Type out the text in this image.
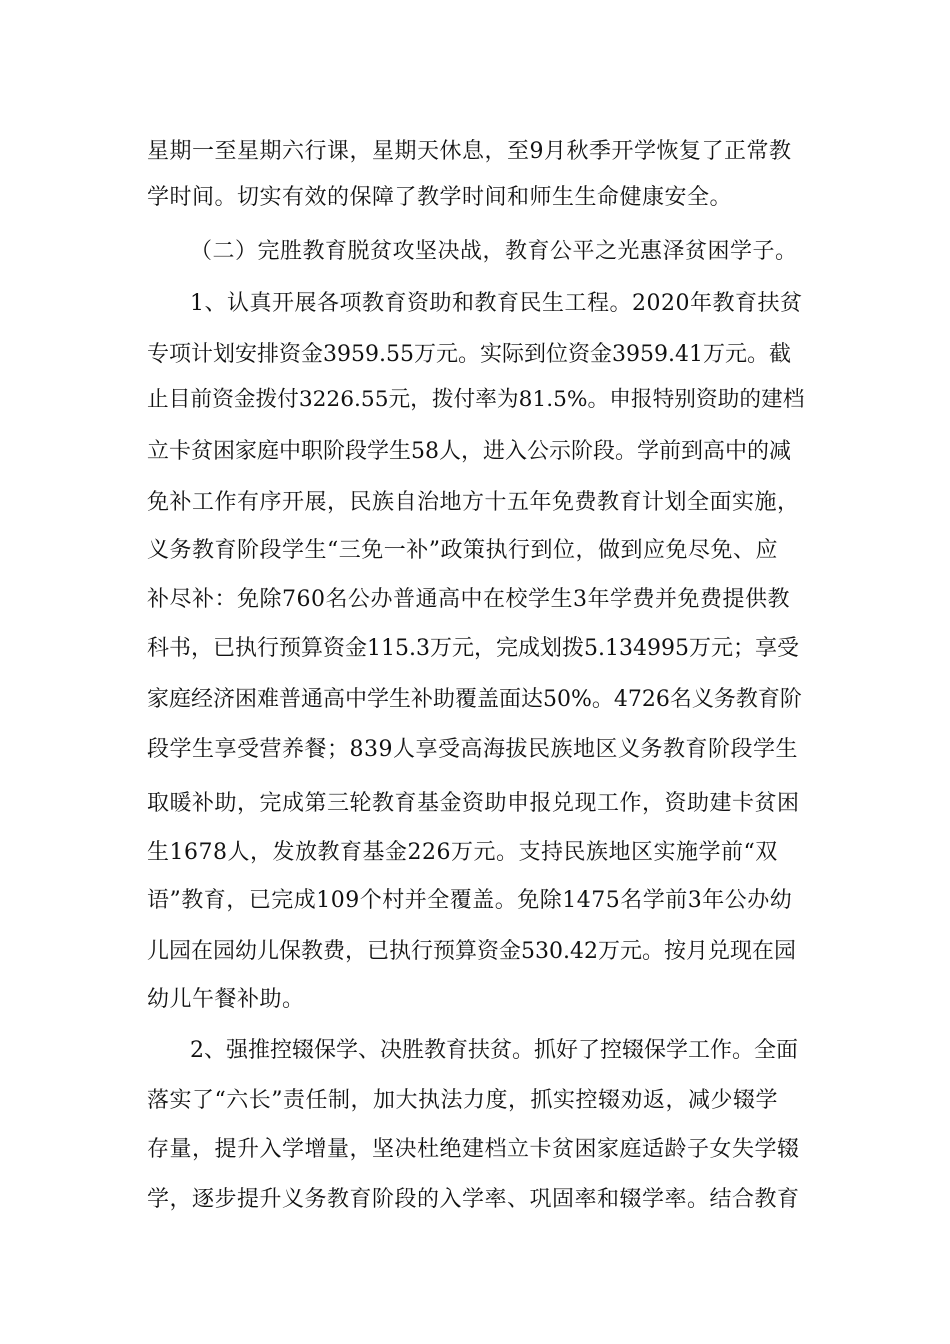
星期一至星期六行课，星期天休息，至9月秋季开学恢复了正常教
学时间。切实有效的保障了教学时间和师生生命健康安全。
（二）完胜教育脱贫攻坚决战，教育公平之光惠泽贫困学子。
1、认真开展各项教育资助和教育民生工程。2020年教育扶贫
专项计划安排资金3959.55万元。实际到位资金3959.41万元。截
止目前资金拨付3226.55元，拨付率为81.5%。申报特别资助的建档
立卡贫困家庭中职阶段学生58人，进入公示阶段。学前到高中的减
免补工作有序开展，民族自治地方十五年免费教育计划全面实施，
义务教育阶段学生“三免一补”政策执行到位，做到应免尽免、应
补尽补：免除760名公办普通高中在校学生3年学费并免费提供教
科书，已执行预算资金115.3万元，完成划拨5.134995万元；享受
家庭经济困难普通高中学生补助覆盖面达50%。4726名义务教育阶
段学生享受营养餐；839人享受高海拔民族地区义务教育阶段学生
取暖补助，完成第三轮教育基金资助申报兑现工作，资助建卡贫困
生1678人，发放教育基金226万元。支持民族地区实施学前“双
语”教育，已完成109个村并全覆盖。免除1475名学前3年公办幼
儿园在园幼儿保教费，已执行预算资金530.42万元。按月兑现在园
幼儿午餐补助。
2、强推控辍保学、决胜教育扶贫。抓好了控辍保学工作。全面
落实了“六长”责任制，加大执法力度，抓实控辍劝返，减少辍学
存量，提升入学增量，坚决杜绝建档立卡贫困家庭适龄子女失学辍
学，逐步提升义务教育阶段的入学率、巩固率和辍学率。结合教育
